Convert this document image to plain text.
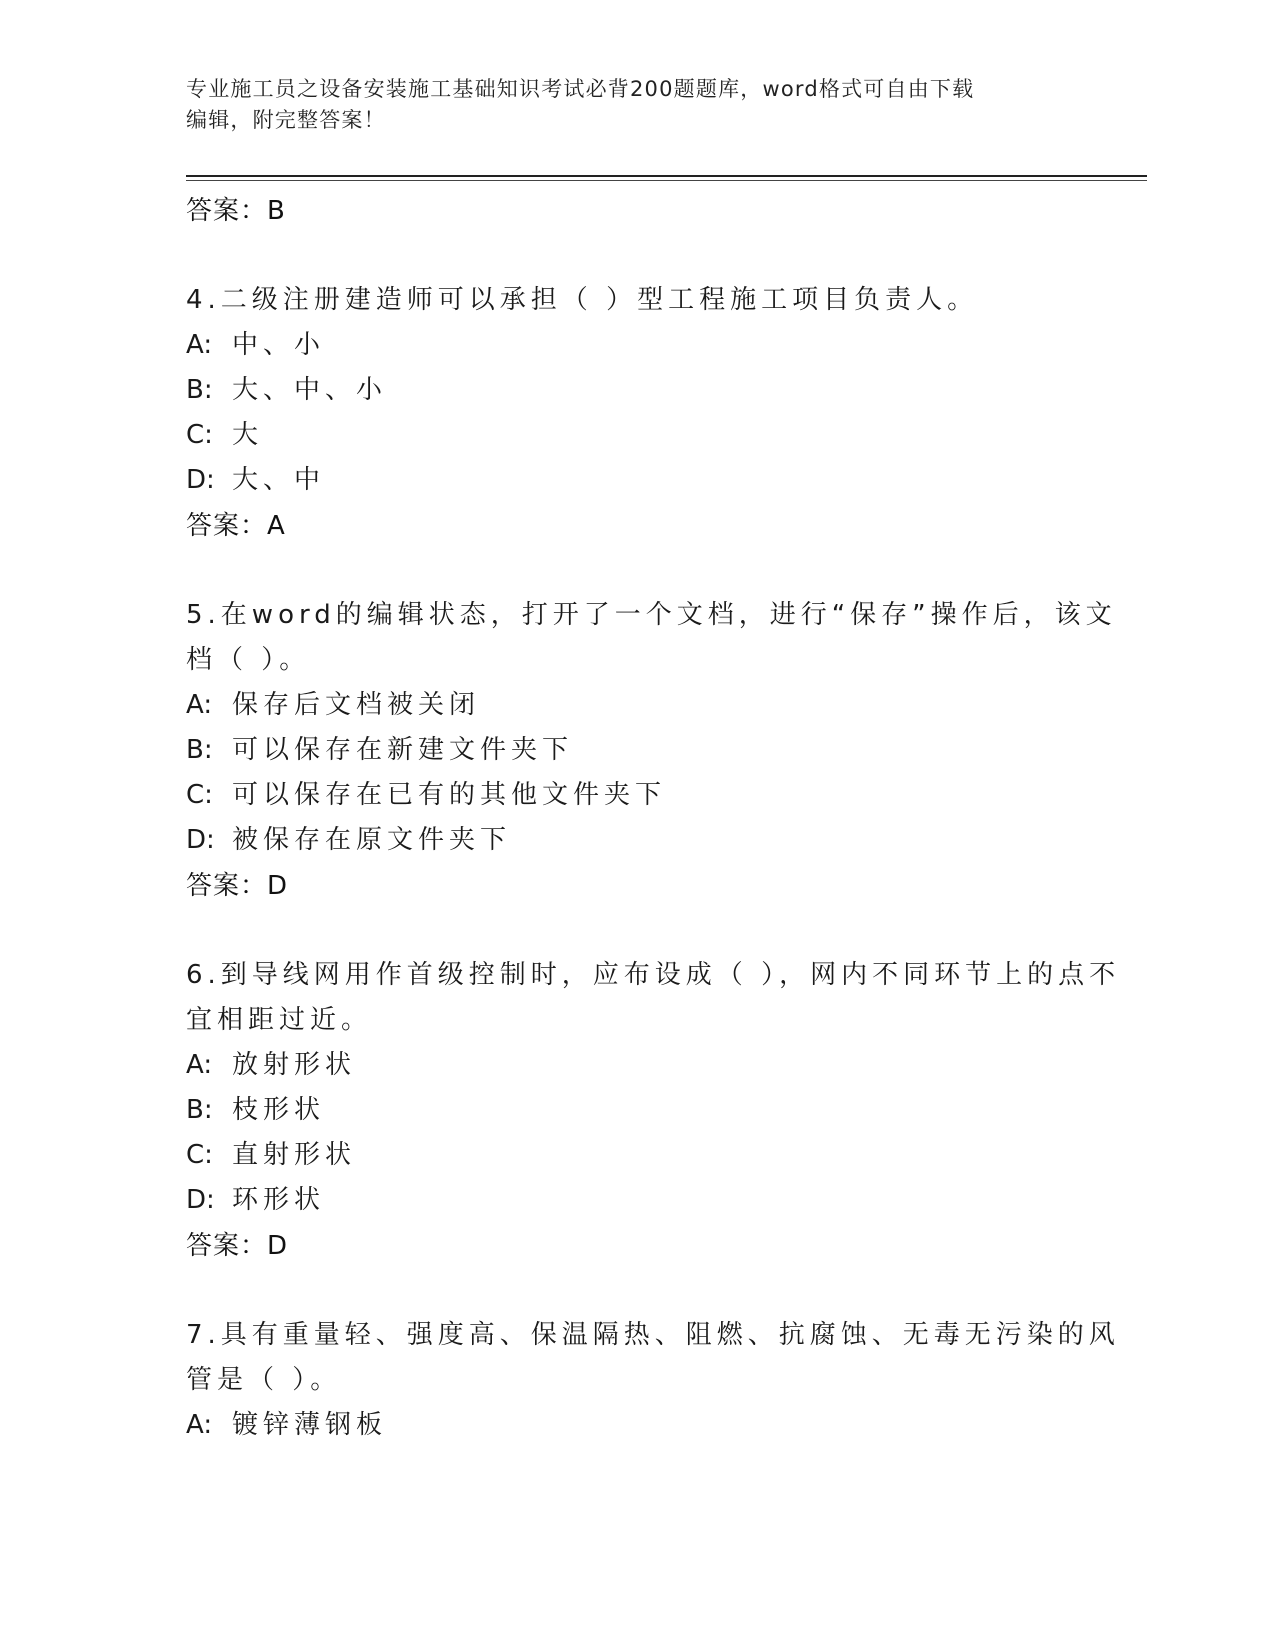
专业施工员之设备安装施工基础知识考试必背200题题库，word格式可自由下载
编辑，附完整答案！
答案：B
4.二级注册建造师可以承担（ ）型工程施工项目负责人。
A: 中、小
B: 大、中、小
C: 大
D: 大、中
答案：A
5.在word的编辑状态，打开了一个文档，进行“保存”操作后，该文
档（ ）。
A: 保存后文档被关闭
B: 可以保存在新建文件夹下
C: 可以保存在已有的其他文件夹下
D: 被保存在原文件夹下
答案：D
6.到导线网用作首级控制时，应布设成（ ），网内不同环节上的点不
宜相距过近。
A: 放射形状
B: 枝形状
C: 直射形状
D: 环形状
答案：D
7.具有重量轻、强度高、保温隔热、阻燃、抗腐蚀、无毒无污染的风
管是（ ）。
A: 镀锌薄钢板
